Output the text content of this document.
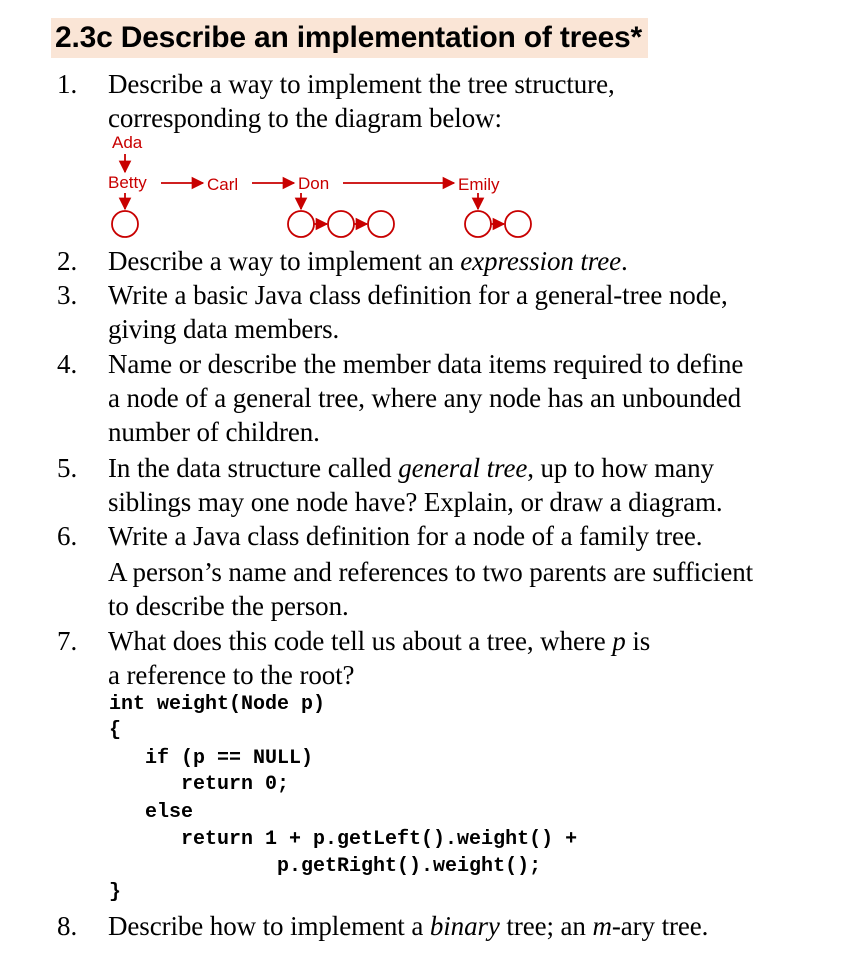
2.3c Describe an implementation of trees*
Ada
Betty	Carl	Don	Emily
1. Describe a way to implement the tree structure,
corresponding to the diagram below:
2. Describe a way to implement an expression tree.
3. Write a basic Java class definition for a general-tree node,
giving data members.
4. Name or describe the member data items required to define
a node of a general tree, where any node has an unbounded
number of children.
5. In the data structure called general tree, up to how many
siblings may one node have? Explain, or draw a diagram.
6. Write a Java class definition for a node of a family tree.
A person’s name and references to two parents are sufficient
to describe the person.
7. What does this code tell us about a tree, where p is
a reference to the root?
int weight(Node p)
{
if (p == NULL)
return 0;
else
return 1 + p.getLeft().weight() +
p.getRight().weight();
}
8. Describe how to implement a binary tree; an m-ary tree.
